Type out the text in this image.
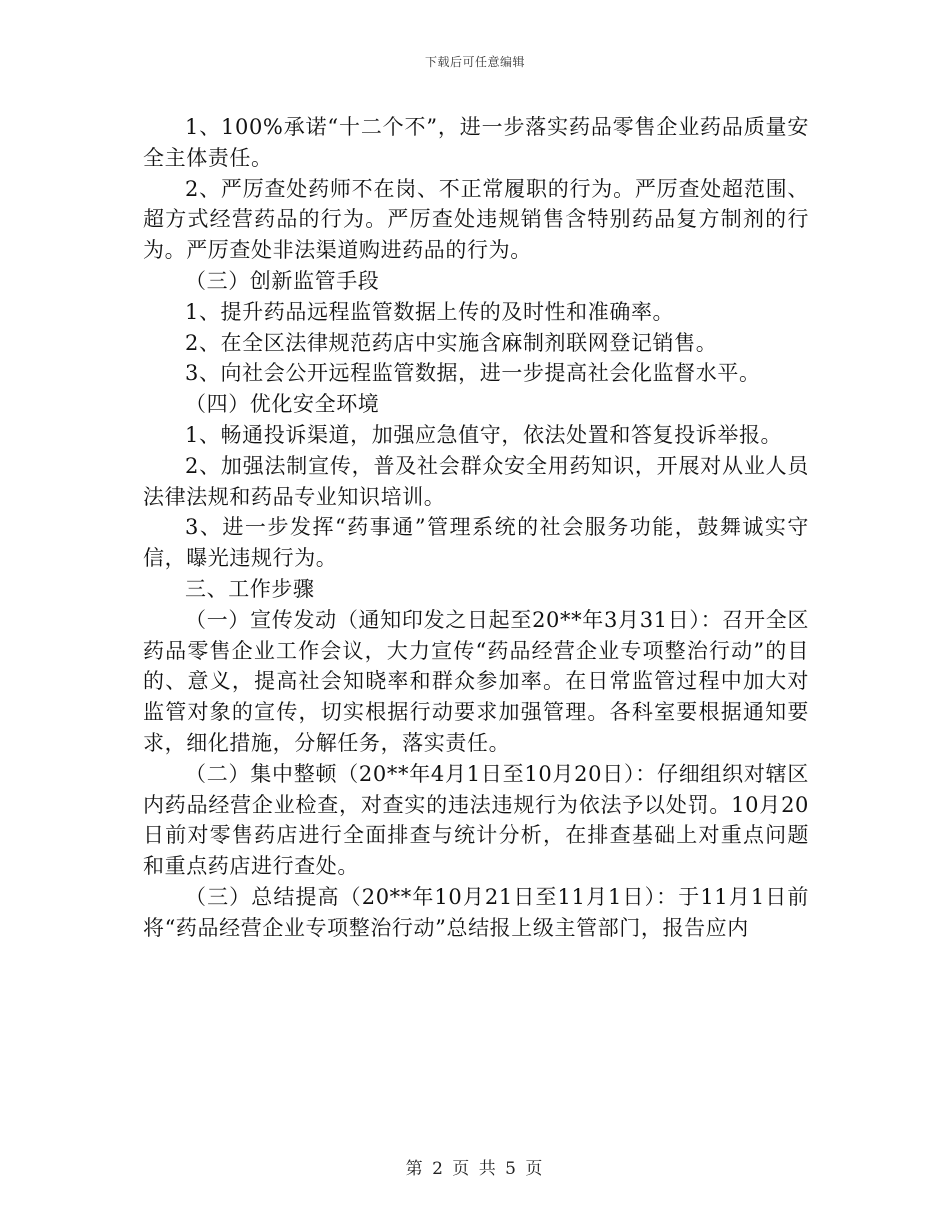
下载后可任意编辑

1、100%承诺“十二个不”，进一步落实药品零售企业药品质量安全主体责任。

2、严厉查处药师不在岗、不正常履职的行为。严厉查处超范围、超方式经营药品的行为。严厉查处违规销售含特别药品复方制剂的行为。严厉查处非法渠道购进药品的行为。

（三）创新监管手段

1、提升药品远程监管数据上传的及时性和准确率。

2、在全区法律规范药店中实施含麻制剂联网登记销售。

3、向社会公开远程监管数据，进一步提高社会化监督水平。

（四）优化安全环境

1、畅通投诉渠道，加强应急值守，依法处置和答复投诉举报。

2、加强法制宣传，普及社会群众安全用药知识，开展对从业人员法律法规和药品专业知识培训。

3、进一步发挥“药事通”管理系统的社会服务功能，鼓舞诚实守信，曝光违规行为。

三、工作步骤

（一）宣传发动（通知印发之日起至20**年3月31日）：召开全区药品零售企业工作会议，大力宣传“药品经营企业专项整治行动”的目的、意义，提高社会知晓率和群众参加率。在日常监管过程中加大对监管对象的宣传，切实根据行动要求加强管理。各科室要根据通知要求，细化措施，分解任务，落实责任。

（二）集中整顿（20**年4月1日至10月20日）：仔细组织对辖区内药品经营企业检查，对查实的违法违规行为依法予以处罚。10月20日前对零售药店进行全面排查与统计分析，在排查基础上对重点问题和重点药店进行查处。

（三）总结提高（20**年10月21日至11月1日）：于11月1日前将“药品经营企业专项整治行动”总结报上级主管部门，报告应内

第 2 页 共 5 页
